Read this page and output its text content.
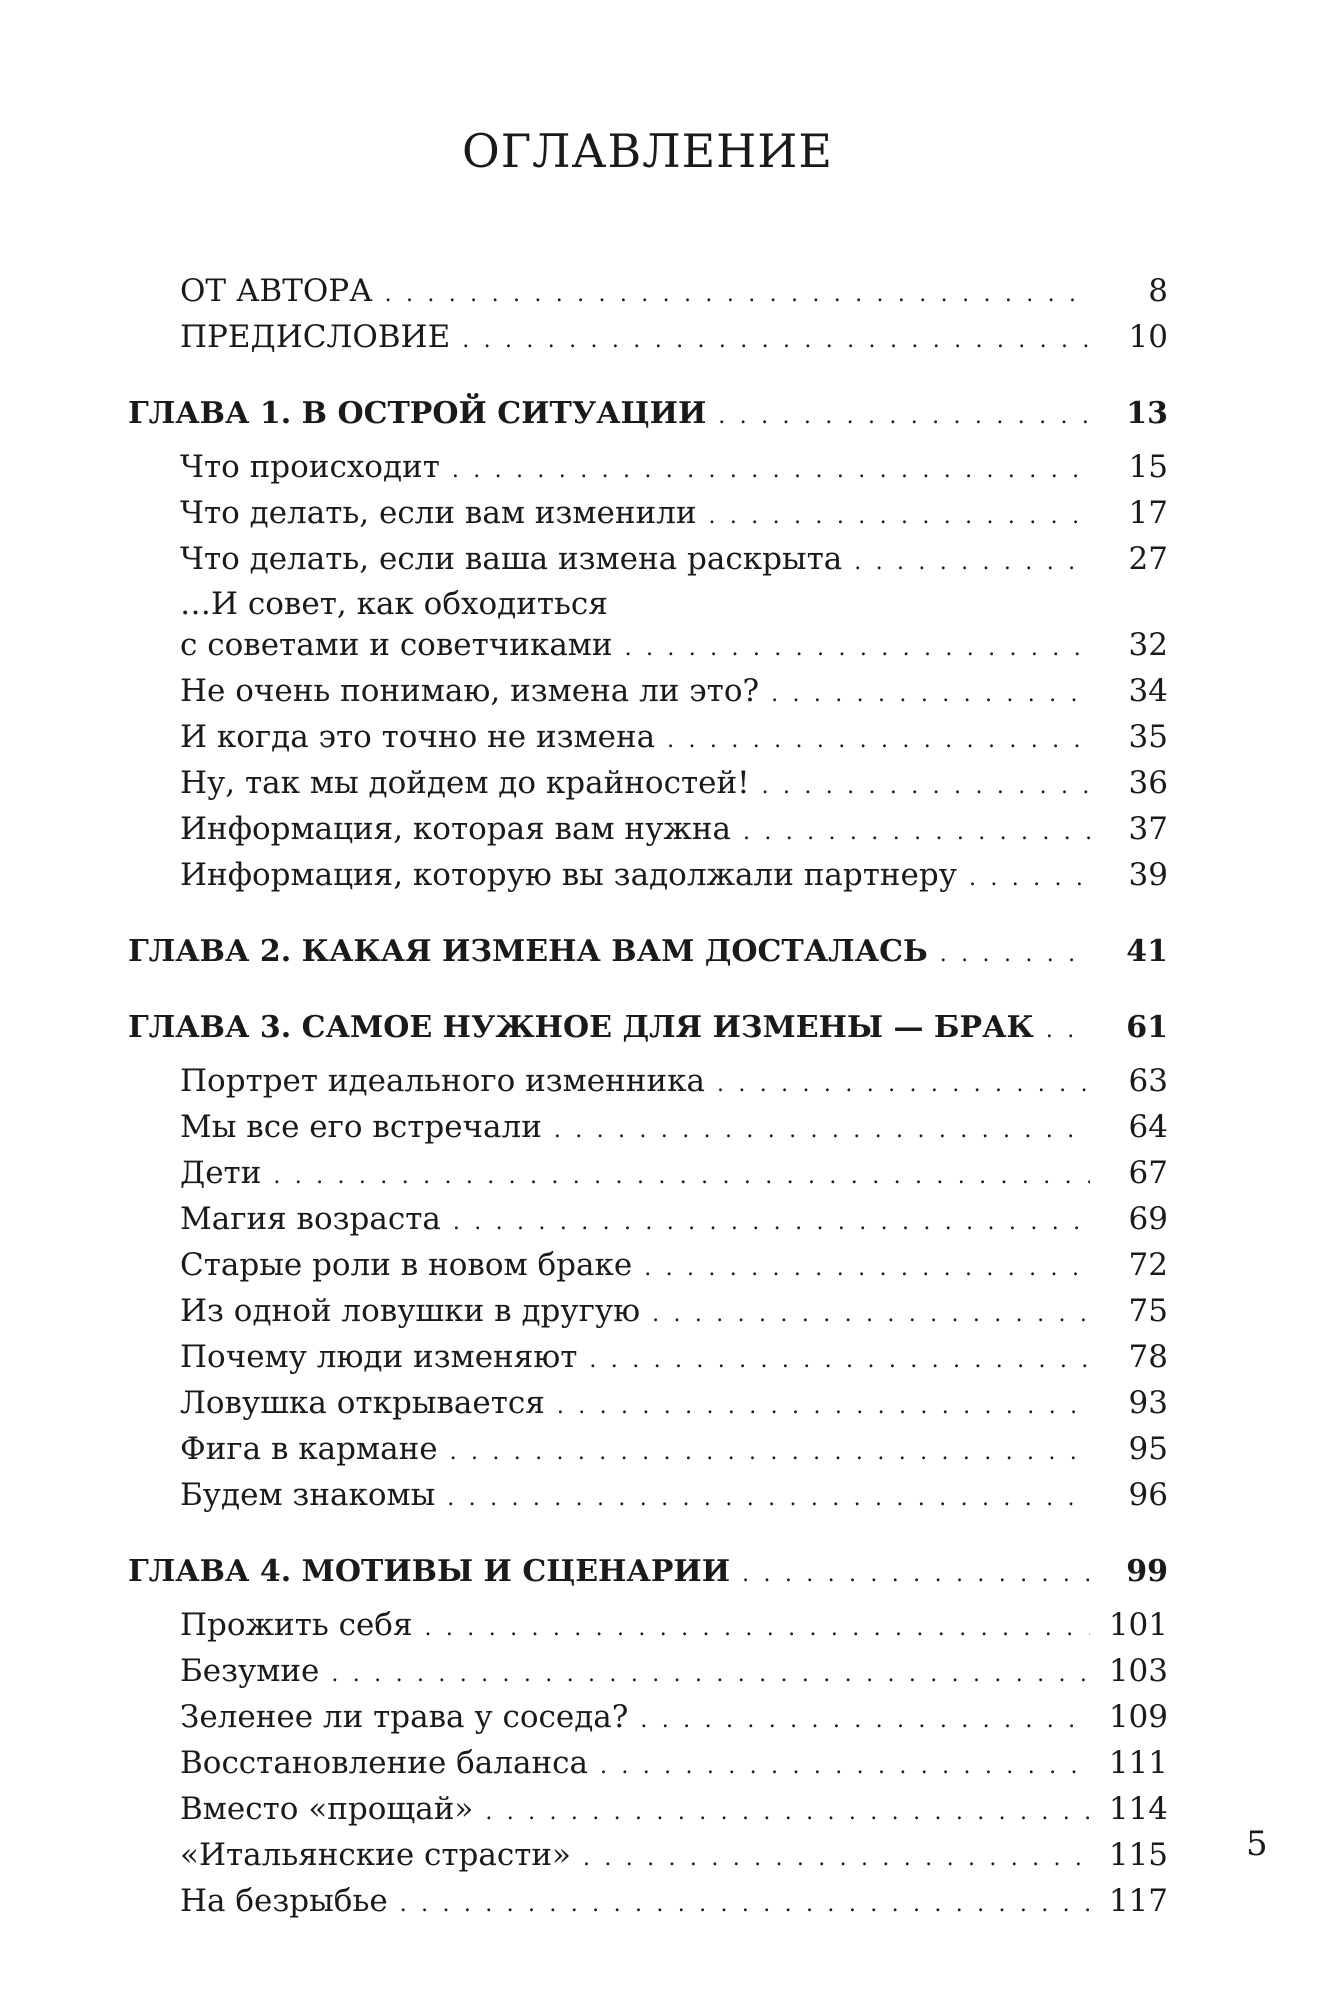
ОГЛАВЛЕНИЕ
ОТ АВТОРА . . .	8
ПРЕДИСЛОВИЕ . . .	10
ГЛАВА 1. В ОСТРОЙ СИТУАЦИИ . . .	13
Что происходит . . .	15
Что делать, если вам изменили . . .	17
Что делать, если ваша измена раскрыта . . .	27
…И совет, как обходиться
с советами и советчиками . . .	32
Не очень понимаю, измена ли это? . . .	34
И когда это точно не измена . . .	35
Ну, так мы дойдем до крайностей! . . .	36
Информация, которая вам нужна . . .	37
Информация, которую вы задолжали партнеру . . .	39
ГЛАВА 2. КАКАЯ ИЗМЕНА ВАМ ДОСТАЛАСЬ . . .	41
ГЛАВА 3. САМОЕ НУЖНОЕ ДЛЯ ИЗМЕНЫ — БРАК . . .	61
Портрет идеального изменника . . .	63
Мы все его встречали . . .	64
Дети . . .	67
Магия возраста . . .	69
Старые роли в новом браке . . .	72
Из одной ловушки в другую . . .	75
Почему люди изменяют . . .	78
Ловушка открывается . . .	93
Фига в кармане . . .	95
Будем знакомы . . .	96
ГЛАВА 4. МОТИВЫ И СЦЕНАРИИ . . .	99
Прожить себя . . .	101
Безумие . . .	103
Зеленее ли трава у соседа? . . .	109
Восстановление баланса . . .	111
Вместо «прощай» . . .	114
«Итальянские страсти» . . .	115
На безрыбье . . .	117
5
